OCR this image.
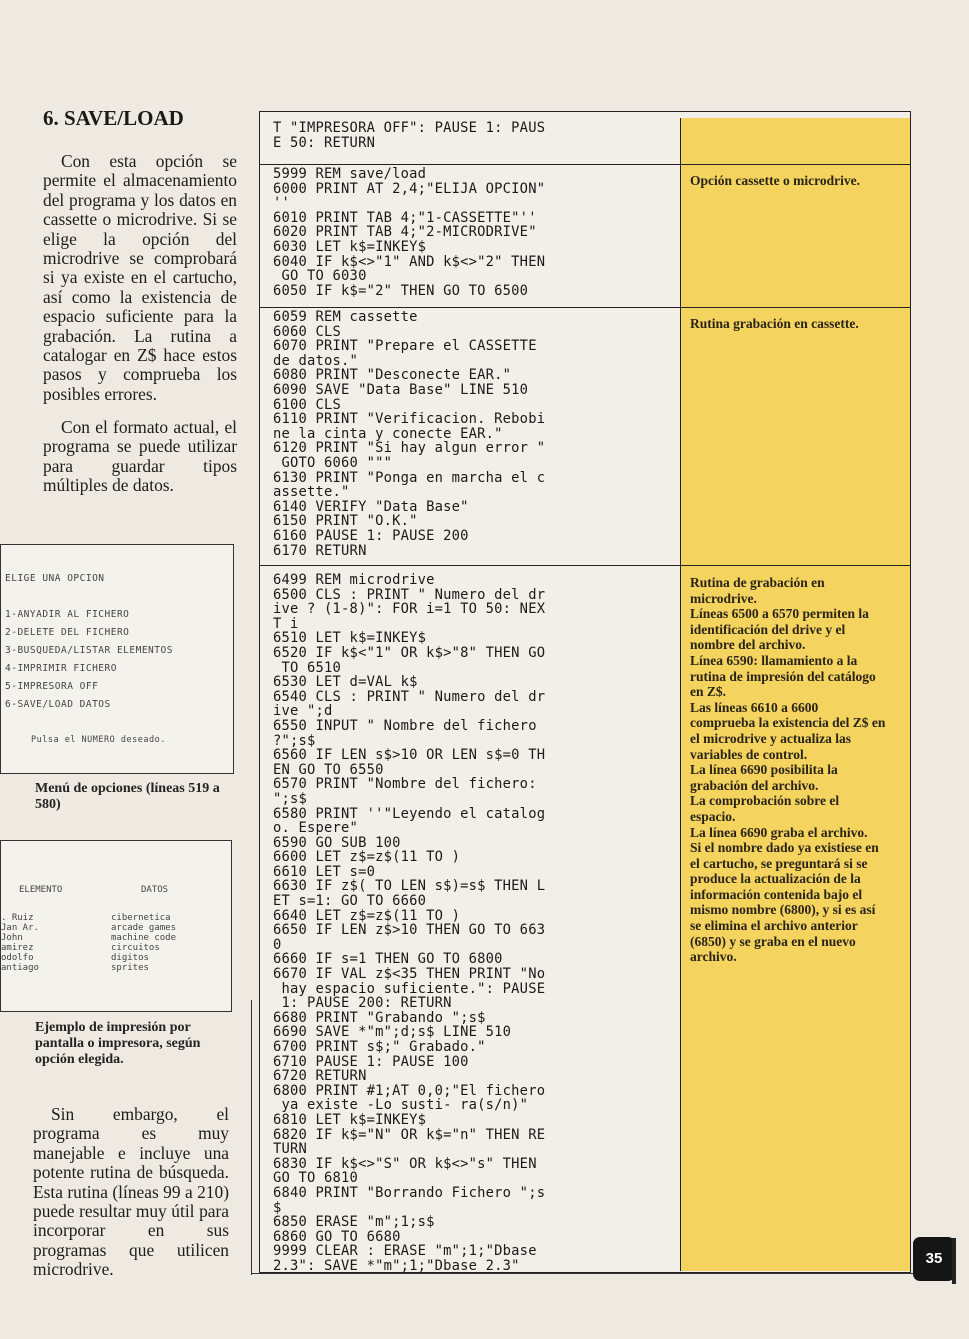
6. SAVE/LOAD

Con esta opción se permite el almacenamiento del programa y los datos en cassette o microdrive. Si se elige la opción del microdrive se comprobará si ya existe en el cartucho, así como la existencia de espacio suficiente para la grabación. La rutina a catalogar en Z$ hace estos pasos y comprueba los posibles errores.

Con el formato actual, el programa se puede utilizar para guardar tipos múltiples de datos.

ELIGE UNA OPCION
1-ANYADIR AL FICHERO
2-DELETE DEL FICHERO
3-BUSQUEDA/LISTAR ELEMENTOS
4-IMPRIMIR FICHERO
5-IMPRESORA OFF
6-SAVE/LOAD DATOS
Pulsa el NUMERO deseado.

Menú de opciones (líneas 519 a 580)

ELEMENTO	DATOS
. Ruiz
Jan Ar.
John
amirez
odolfo
antiago
cibernetica
arcade games
machine code
circuitos
digitos
sprites

Ejemplo de impresión por pantalla o impresora, según opción elegida.

Sin embargo, el programa es muy manejable e incluye una potente rutina de búsqueda. Esta rutina (líneas 99 a 210) puede resultar muy útil para incorporar en sus programas que utilicen microdrive.

T "IMPRESORA OFF": PAUSE 1: PAUS
E 50: RETURN
5999 REM save/load
6000 PRINT AT 2,4;"ELIJA OPCION"
''
6010 PRINT TAB 4;"1-CASSETTE"''
6020 PRINT TAB 4;"2-MICRODRIVE"
6030 LET k$=INKEY$
6040 IF k$<>"1" AND k$<>"2" THEN
GO TO 6030
6050 IF k$="2" THEN GO TO 6500
6059 REM cassette
6060 CLS
6070 PRINT "Prepare el CASSETTE
de datos."
6080 PRINT "Desconecte EAR."
6090 SAVE "Data Base" LINE 510
6100 CLS
6110 PRINT "Verificacion. Rebobi
ne la cinta y conecte EAR."
6120 PRINT "Si hay algun error "
GOTO 6060 """
6130 PRINT "Ponga en marcha el c
assette."
6140 VERIFY "Data Base"
6150 PRINT "O.K."
6160 PAUSE 1: PAUSE 200
6170 RETURN
6499 REM microdrive
6500 CLS : PRINT " Numero del dr
ive ? (1-8)": FOR i=1 TO 50: NEX
T i
6510 LET k$=INKEY$
6520 IF k$<"1" OR k$>"8" THEN GO
TO 6510
6530 LET d=VAL k$
6540 CLS : PRINT " Numero del dr
ive ";d
6550 INPUT " Nombre del fichero
?";s$
6560 IF LEN s$>10 OR LEN s$=0 TH
EN GO TO 6550
6570 PRINT "Nombre del fichero:
";s$
6580 PRINT ''"Leyendo el catalog
o. Espere"
6590 GO SUB 100
6600 LET z$=z$(11 TO )
6610 LET s=0
6630 IF z$( TO LEN s$)=s$ THEN L
ET s=1: GO TO 6660
6640 LET z$=z$(11 TO )
6650 IF LEN z$>10 THEN GO TO 663
0
6660 IF s=1 THEN GO TO 6800
6670 IF VAL z$<35 THEN PRINT "No
hay espacio suficiente.": PAUSE
1: PAUSE 200: RETURN
6680 PRINT "Grabando ";s$
6690 SAVE *"m";d;s$ LINE 510
6700 PRINT s$;" Grabado."
6710 PAUSE 1: PAUSE 100
6720 RETURN
6800 PRINT #1;AT 0,0;"El fichero
ya existe -Lo susti- ra(s/n)"
6810 LET k$=INKEY$
6820 IF k$="N" OR k$="n" THEN RE
TURN
6830 IF k$<>"S" OR k$<>"s" THEN
GO TO 6810
6840 PRINT "Borrando Fichero ";s
$
6850 ERASE "m";1;s$
6860 GO TO 6680
9999 CLEAR : ERASE "m";1;"Dbase
2.3": SAVE *"m";1;"Dbase 2.3"

Opción cassette o microdrive.

Rutina grabación en cassette.

Rutina de grabación en microdrive.
Líneas 6500 a 6570 permiten la identificación del drive y el nombre del archivo.
Línea 6590: llamamiento a la rutina de impresión del catálogo en Z$.
Las líneas 6610 a 6600 comprueba la existencia del Z$ en el microdrive y actualiza las variables de control.
La línea 6690 posibilita la grabación del archivo.
La comprobación sobre el espacio.
La línea 6690 graba el archivo.
Si el nombre dado ya existiese en el cartucho, se preguntará si se produce la actualización de la información contenida bajo el mismo nombre (6800), y si es así se elimina el archivo anterior (6850) y se graba en el nuevo archivo.

35
